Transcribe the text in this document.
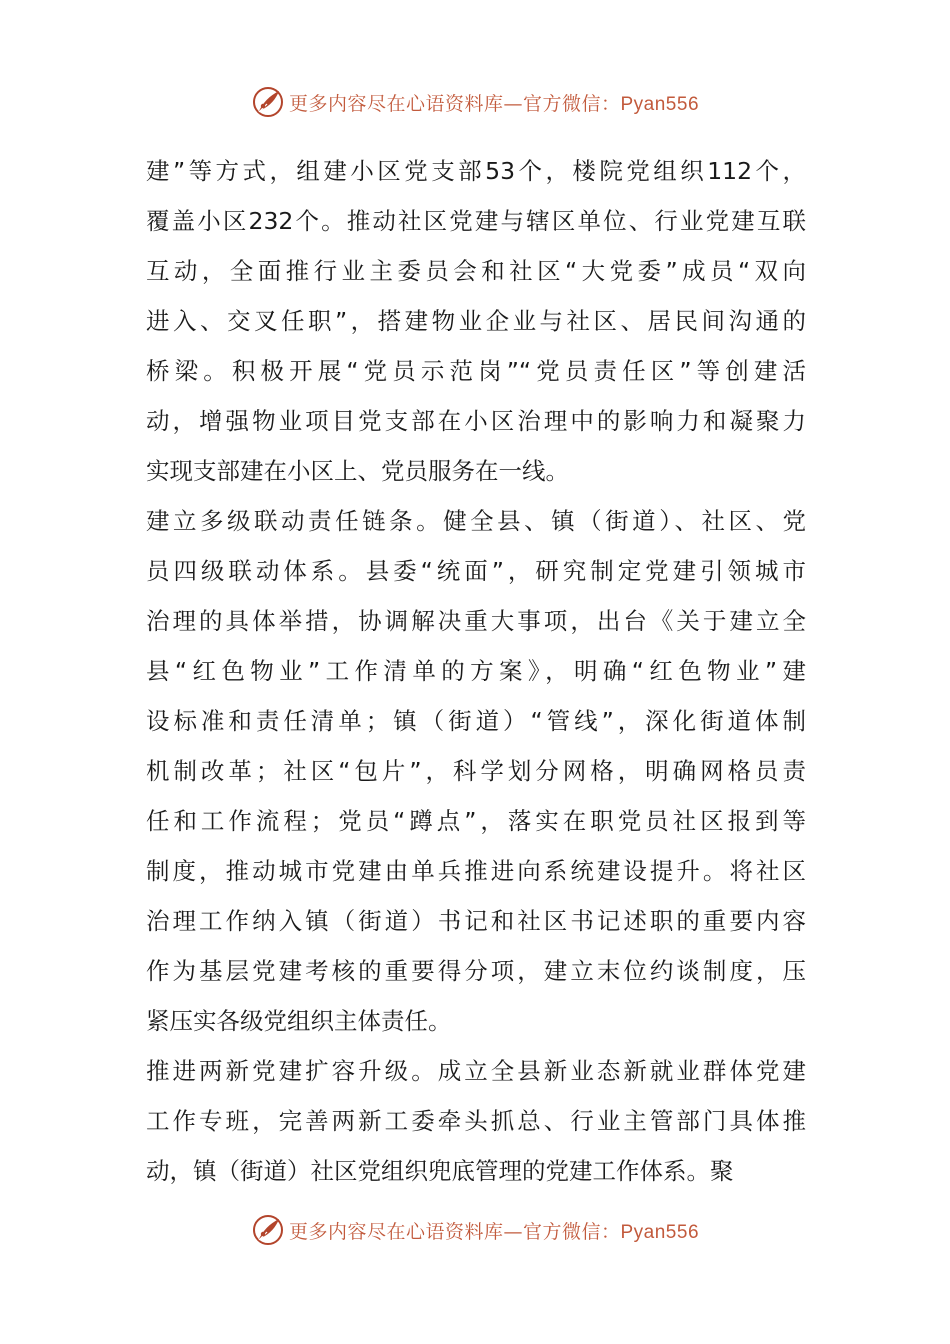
更多内容尽在心语资料库—官方微信：Pyan556
建”等方式，组建小区党支部53个，楼院党组织112个，
覆盖小区232个。推动社区党建与辖区单位、行业党建互联
互动，全面推行业主委员会和社区“大党委”成员“双向
进入、交叉任职”，搭建物业企业与社区、居民间沟通的
桥梁。积极开展“党员示范岗”“党员责任区”等创建活
动，增强物业项目党支部在小区治理中的影响力和凝聚力
实现支部建在小区上、党员服务在一线。
建立多级联动责任链条。健全县、镇（街道）、社区、党
员四级联动体系。县委“统面”，研究制定党建引领城市
治理的具体举措，协调解决重大事项，出台《关于建立全
县“红色物业”工作清单的方案》，明确“红色物业”建
设标准和责任清单；镇（街道）“管线”，深化街道体制
机制改革；社区“包片”，科学划分网格，明确网格员责
任和工作流程；党员“蹲点”，落实在职党员社区报到等
制度，推动城市党建由单兵推进向系统建设提升。将社区
治理工作纳入镇（街道）书记和社区书记述职的重要内容
作为基层党建考核的重要得分项，建立末位约谈制度，压
紧压实各级党组织主体责任。
推进两新党建扩容升级。成立全县新业态新就业群体党建
工作专班，完善两新工委牵头抓总、行业主管部门具体推
动，镇（街道）社区党组织兜底管理的党建工作体系。聚
更多内容尽在心语资料库—官方微信：Pyan556
